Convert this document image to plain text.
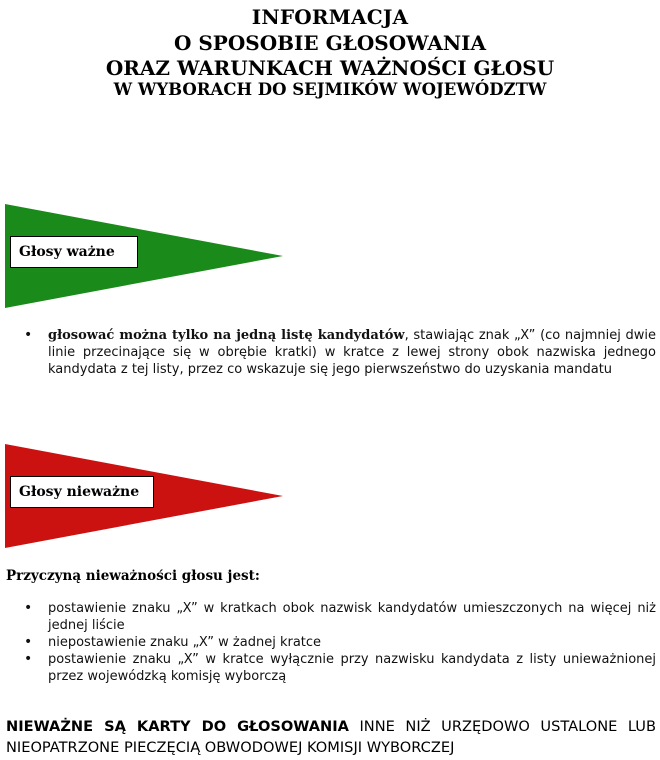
INFORMACJA
O SPOSOBIE GŁOSOWANIA
ORAZ WARUNKACH WAŻNOŚCI GŁOSU
W WYBORACH DO SEJMIKÓW WOJEWÓDZTW
Głosy ważne
• głosować można tylko na jedną listę kandydatów, stawiając znak „X” (co najmniej dwie linie przecinające się w obrębie kratki) w kratce z lewej strony obok nazwiska jednego kandydata z tej listy, przez co wskazuje się jego pierwszeństwo do uzyskania mandatu
Głosy nieważne
Przyczyną nieważności głosu jest:
• postawienie znaku „X” w kratkach obok nazwisk kandydatów umieszczonych na więcej niż jednej liście
• niepostawienie znaku „X” w żadnej kratce
• postawienie znaku „X” w kratce wyłącznie przy nazwisku kandydata z listy unieważnionej przez wojewódzką komisję wyborczą
NIEWAŻNE SĄ KARTY DO GŁOSOWANIA INNE NIŻ URZĘDOWO USTALONE LUB NIEOPATRZONE PIECZĘCIĄ OBWODOWEJ KOMISJI WYBORCZEJ
